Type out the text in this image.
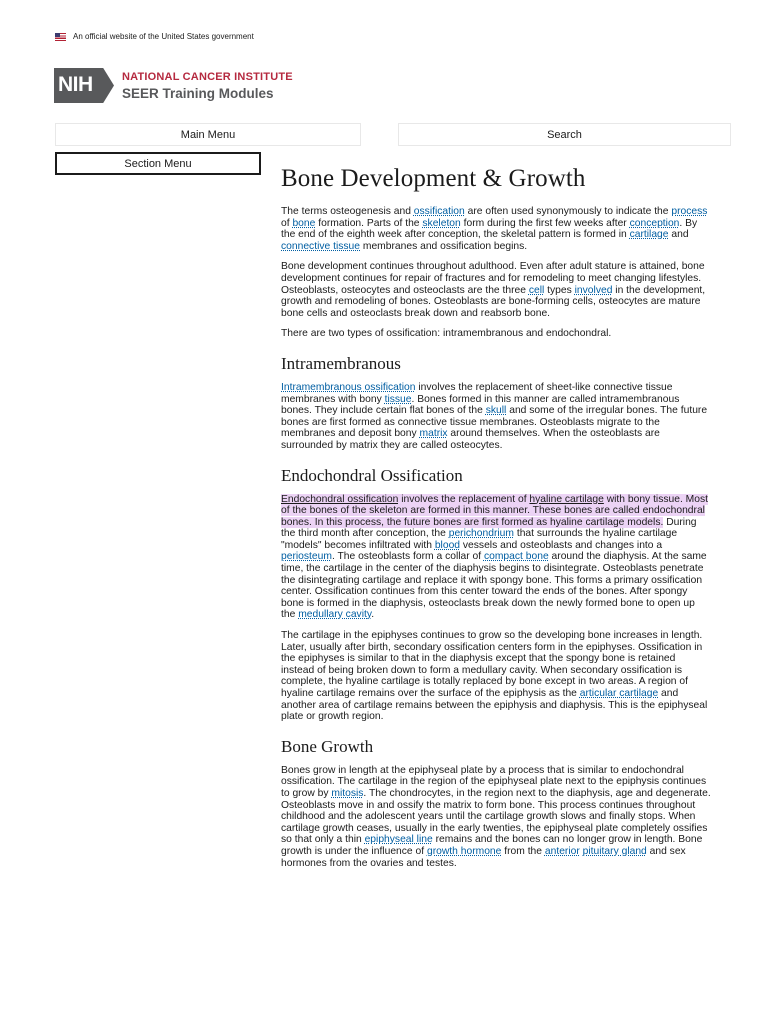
An official website of the United States government
NIH	NATIONAL CANCER INSTITUTE
SEER Training Modules
Main Menu	Search
Section Menu
Bone Development & Growth

The terms osteogenesis and ossification are often used synonymously to indicate the process of bone formation. Parts of the skeleton form during the first few weeks after conception. By the end of the eighth week after conception, the skeletal pattern is formed in cartilage and connective tissue membranes and ossification begins.

Bone development continues throughout adulthood. Even after adult stature is attained, bone development continues for repair of fractures and for remodeling to meet changing lifestyles. Osteoblasts, osteocytes and osteoclasts are the three cell types involved in the development, growth and remodeling of bones. Osteoblasts are bone-forming cells, osteocytes are mature bone cells and osteoclasts break down and reabsorb bone.

There are two types of ossification: intramembranous and endochondral.

Intramembranous

Intramembranous ossification involves the replacement of sheet-like connective tissue membranes with bony tissue. Bones formed in this manner are called intramembranous bones. They include certain flat bones of the skull and some of the irregular bones. The future bones are first formed as connective tissue membranes. Osteoblasts migrate to the membranes and deposit bony matrix around themselves. When the osteoblasts are surrounded by matrix they are called osteocytes.

Endochondral Ossification

Endochondral ossification involves the replacement of hyaline cartilage with bony tissue. Most of the bones of the skeleton are formed in this manner. These bones are called endochondral bones. In this process, the future bones are first formed as hyaline cartilage models. During the third month after conception, the perichondrium that surrounds the hyaline cartilage "models" becomes infiltrated with blood vessels and osteoblasts and changes into a periosteum. The osteoblasts form a collar of compact bone around the diaphysis. At the same time, the cartilage in the center of the diaphysis begins to disintegrate. Osteoblasts penetrate the disintegrating cartilage and replace it with spongy bone. This forms a primary ossification center. Ossification continues from this center toward the ends of the bones. After spongy bone is formed in the diaphysis, osteoclasts break down the newly formed bone to open up the medullary cavity.

The cartilage in the epiphyses continues to grow so the developing bone increases in length. Later, usually after birth, secondary ossification centers form in the epiphyses. Ossification in the epiphyses is similar to that in the diaphysis except that the spongy bone is retained instead of being broken down to form a medullary cavity. When secondary ossification is complete, the hyaline cartilage is totally replaced by bone except in two areas. A region of hyaline cartilage remains over the surface of the epiphysis as the articular cartilage and another area of cartilage remains between the epiphysis and diaphysis. This is the epiphyseal plate or growth region.

Bone Growth

Bones grow in length at the epiphyseal plate by a process that is similar to endochondral ossification. The cartilage in the region of the epiphyseal plate next to the epiphysis continues to grow by mitosis. The chondrocytes, in the region next to the diaphysis, age and degenerate. Osteoblasts move in and ossify the matrix to form bone. This process continues throughout childhood and the adolescent years until the cartilage growth slows and finally stops. When cartilage growth ceases, usually in the early twenties, the epiphyseal plate completely ossifies so that only a thin epiphyseal line remains and the bones can no longer grow in length. Bone growth is under the influence of growth hormone from the anterior pituitary gland and sex hormones from the ovaries and testes.
